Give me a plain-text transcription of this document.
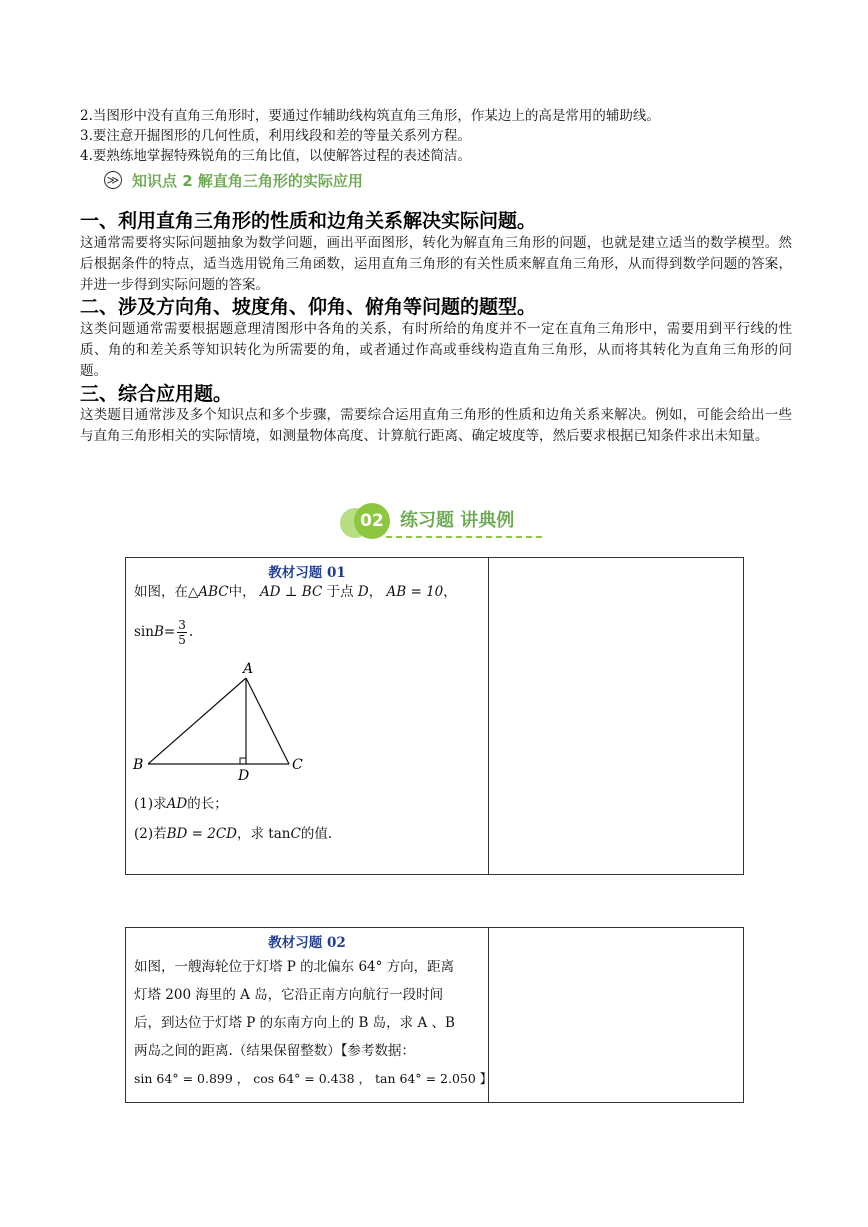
2.当图形中没有直角三角形时，要通过作辅助线构筑直角三角形，作某边上的高是常用的辅助线。
3.要注意开掘图形的几何性质，利用线段和差的等量关系列方程。
4.要熟练地掌握特殊锐角的三角比值，以使解答过程的表述简洁。
≫ 知识点 2 解直角三角形的实际应用
一、利用直角三角形的性质和边角关系解决实际问题。
这通常需要将实际问题抽象为数学问题，画出平面图形，转化为解直角三角形的问题，也就是建立适当的数学模型。然后根据条件的特点，适当选用锐角三角函数，运用直角三角形的有关性质来解直角三角形，从而得到数学问题的答案，并进一步得到实际问题的答案。
二、涉及方向角、坡度角、仰角、俯角等问题的题型。
这类问题通常需要根据题意理清图形中各角的关系，有时所给的角度并不一定在直角三角形中，需要用到平行线的性质、角的和差关系等知识转化为所需要的角，或者通过作高或垂线构造直角三角形，从而将其转化为直角三角形的问题。
三、综合应用题。
这类题目通常涉及多个知识点和多个步骤，需要综合运用直角三角形的性质和边角关系来解决。例如，可能会给出一些与直角三角形相关的实际情境，如测量物体高度、计算航行距离、确定坡度等，然后要求根据已知条件求出未知量。
02 练习题 讲典例
教材习题 01
如图，在△ABC中， AD ⊥ BC 于点 D， AB = 10，
$\sin B = \frac{3}{5}$ .
A
B	C
D
(1)求AD的长；
(2)若BD = 2CD，求 tanC的值.
教材习题 02
如图，一艘海轮位于灯塔 P 的北偏东 64° 方向，距离
灯塔 200 海里的 A 岛，它沿正南方向航行一段时间
后，到达位于灯塔 P 的东南方向上的 B 岛，求 A 、B
两岛之间的距离.（结果保留整数）【参考数据：
sin 64° = 0.899 ， cos 64° = 0.438 ， tan 64° = 2.050 】
